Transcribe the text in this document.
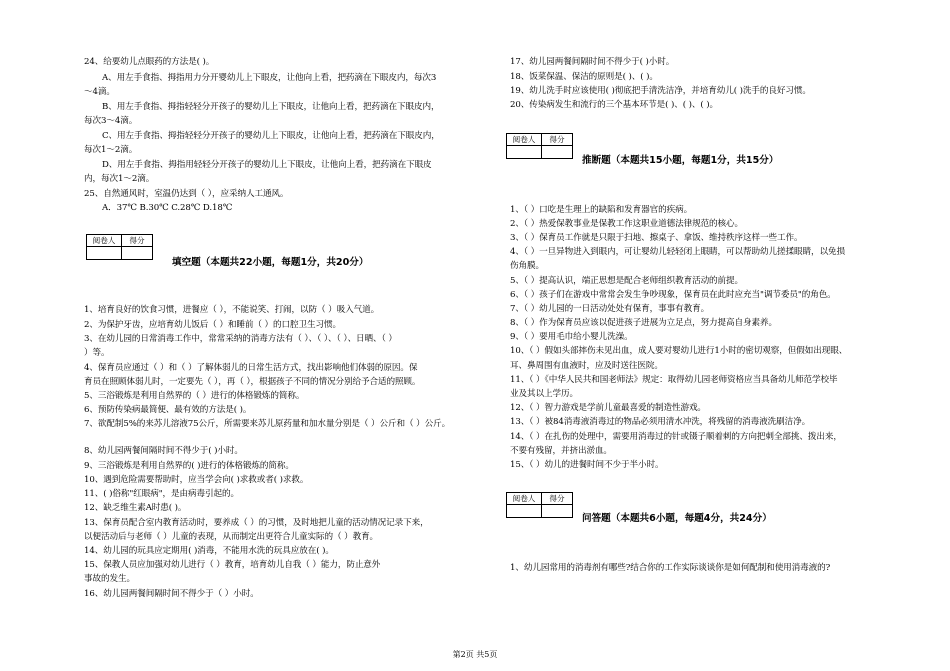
24、给要幼儿点眼药的方法是( )。
A、用左手食指、拇指用力分开婴幼儿上下眼皮，让他向上看，把药滴在下眼皮内，每次3
～4滴。
B、用左手食指、拇指轻轻分开孩子的婴幼儿上下眼皮，让他向上看，把药滴在下眼皮内，
每次3～4滴。
C、用左手食指、拇指轻轻分开孩子的婴幼儿上下眼皮，让他向上看，把药滴在下眼皮内，
每次1～2滴。
D、用左手食指、拇指用轻轻分开孩子的婴幼儿上下眼皮，让他向上看，把药滴在下眼皮
内，每次1～2滴。
25、自然通风时，室温仍达到（ ），应采纳人工通风。
A．37℃ B.30℃ C.28℃ D.18℃
阅卷人	得分

填空题（本题共22小题，每题1分，共20分）
1、培育良好的饮食习惯，进餐应（ ），不能说笑、打闹，以防（ ）吸入气道。
2、为保护牙齿，应培育幼儿饭后（ ）和睡前（ ）的口腔卫生习惯。
3、在幼儿园的日常消毒工作中，常常采纳的消毒方法有（ ）、（ ）、（ ）、日晒、（ ）
）等。
4、保育员应通过（ ）和（ ）了解体弱儿的日常生活方式，找出影响他们体弱的原因。保
育员在照顾体弱儿时，一定要先（ ），再（ ），根据孩子不同的情况分别给予合适的照顾。
5、三浴锻炼是利用自然界的（ ）进行的体格锻炼的简称。
6、预防传染病最简便、最有效的方法是( )。
7、欲配制5%的来苏儿溶液75公斤，所需要来苏儿原药量和加水量分别是（ ）公斤和（ ）公斤。
8、幼儿园两餐间隔时间不得少于( )小时。
9、三浴锻炼是利用自然界的( )进行的体格锻炼的简称。
10、遇到危险需要帮助时，应当学会向( )求救或者( )求救。
11、( )俗称"红眼病"，是由病毒引起的。
12、缺乏维生素A时患( )。
13、保育员配合室内教育活动时，要养成（ ）的习惯，及时地把儿童的活动情况记录下来，
以便活动后与老师（ ）儿童的表现，从而制定出更符合儿童实际的（ ）教育。
14、幼儿园的玩具应定期用( )消毒，不能用水洗的玩具应放在( )。
15、保教人员应加强对幼儿进行（ ）教育，培育幼儿自我（ ）能力，防止意外
事故的发生。
16、幼儿园两餐间隔时间不得少于（ ）小时。
17、幼儿园两餐间隔时间不得少于( )小时。
18、饭菜保温、保洁的原则是( )、( )。
19、幼儿洗手时应该使用( )彻底把手清洗洁净，并培育幼儿( )洗手的良好习惯。
20、传染病发生和流行的三个基本环节是( )、( )、( )。
阅卷人	得分

推断题（本题共15小题，每题1分，共15分）
1、（ ）口吃是生理上的缺陷和发育器官的疾病。
2、（ ）热爱保教事业是保教工作这职业道德法律规范的核心。
3、（ ）保育员工作就是只限于扫地、擦桌子、拿饭、维持秩序这样一些工作。
4、（ ）一旦异物进入到眼内，可让婴幼儿轻轻闭上眼睛，可以帮助幼儿搓揉眼睛，以免损
伤角膜。
5、（ ）提高认识，端正思想是配合老师组织教育活动的前提。
6、（ ）孩子们在游戏中常常会发生争吵现象，保育员在此时应充当"调节委员"的角色。
7、（ ）幼儿园的一日活动处处有保育，事事有教育。
8、（ ）作为保育员应该以促进孩子进展为立足点，努力提高自身素养。
9、（ ）要用毛巾给小婴儿洗澡。
10、（ ）假如头部摔伤未见出血，成人要对婴幼儿进行1小时的密切观察，但假如出现眼、
耳、鼻周围有血液时，应及时送往医院。
11、（ ）《中华人民共和国老师法》规定：取得幼儿园老师资格应当具备幼儿师范学校毕
业及其以上学历。
12、（ ）智力游戏是学前儿童最喜爱的制造性游戏。
13、（ ）被84消毒液消毒过的物品必须用清水冲洗，将残留的消毒液洗刷洁净。
14、（ ）在扎伤的处理中，需要用消毒过的针或镊子顺着刺的方向把刺全部挑、拨出来，
不要有残留，并挤出淤血。
15、（ ）幼儿的进餐时间不少于半小时。
阅卷人	得分

问答题（本题共6小题，每题4分，共24分）
1、幼儿园常用的消毒剂有哪些?结合你的工作实际谈谈你是如何配制和使用消毒液的?
第2页 共5页
